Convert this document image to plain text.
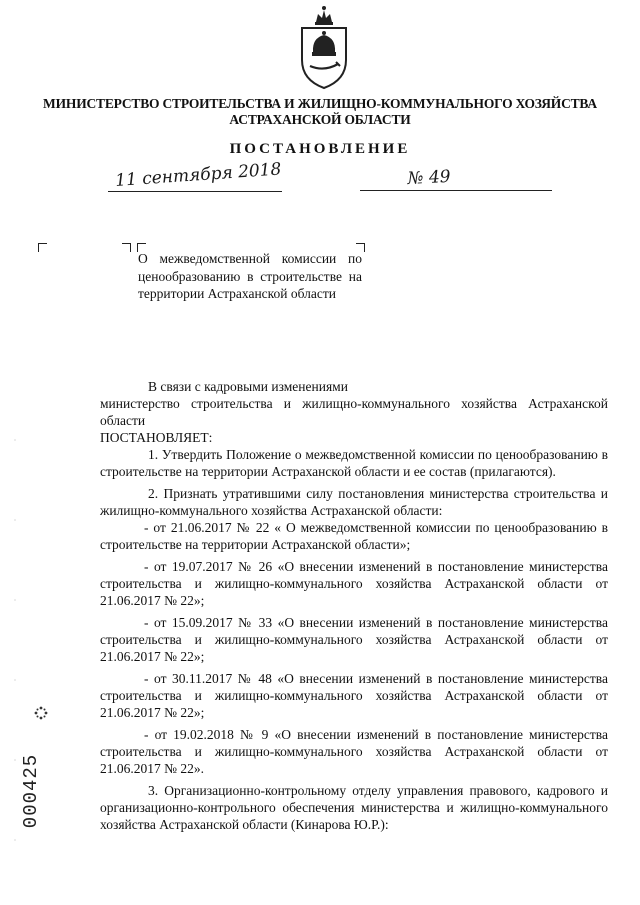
МИНИСТЕРСТВО СТРОИТЕЛЬСТВА И ЖИЛИЩНО-КОММУНАЛЬНОГО ХОЗЯЙСТВА
АСТРАХАНСКОЙ ОБЛАСТИ
ПОСТАНОВЛЕНИЕ
11 сентября 2018	№ 49
О межведомственной комиссии по ценообразованию в строительстве на территории Астраханской области

В связи с кадровыми изменениями

министерство строительства и жилищно-коммунального хозяйства Астраханской области

ПОСТАНОВЛЯЕТ:

1. Утвердить Положение о межведомственной комиссии по ценообразованию в строительстве на территории Астраханской области и ее состав (прилагаются).

2. Признать утратившими силу постановления министерства строительства и жилищно-коммунального хозяйства Астраханской области:

- от 21.06.2017 № 22 « О межведомственной комиссии по ценообразованию в строительстве на территории Астраханской области»;

- от 19.07.2017 № 26 «О внесении изменений в постановление министерства строительства и жилищно-коммунального хозяйства Астраханской области от 21.06.2017 № 22»;

- от 15.09.2017 № 33 «О внесении изменений в постановление министерства строительства и жилищно-коммунального хозяйства Астраханской области от 21.06.2017 № 22»;

- от 30.11.2017 № 48 «О внесении изменений в постановление министерства строительства и жилищно-коммунального хозяйства Астраханской области от 21.06.2017 № 22»;

- от 19.02.2018 № 9 «О внесении изменений в постановление министерства строительства и жилищно-коммунального хозяйства Астраханской области от 21.06.2017 № 22».

3. Организационно-контрольному отделу управления правового, кадрового и организационно-контрольного обеспечения министерства и жилищно-коммунального хозяйства Астраханской области (Кинарова Ю.Р.):

000425
